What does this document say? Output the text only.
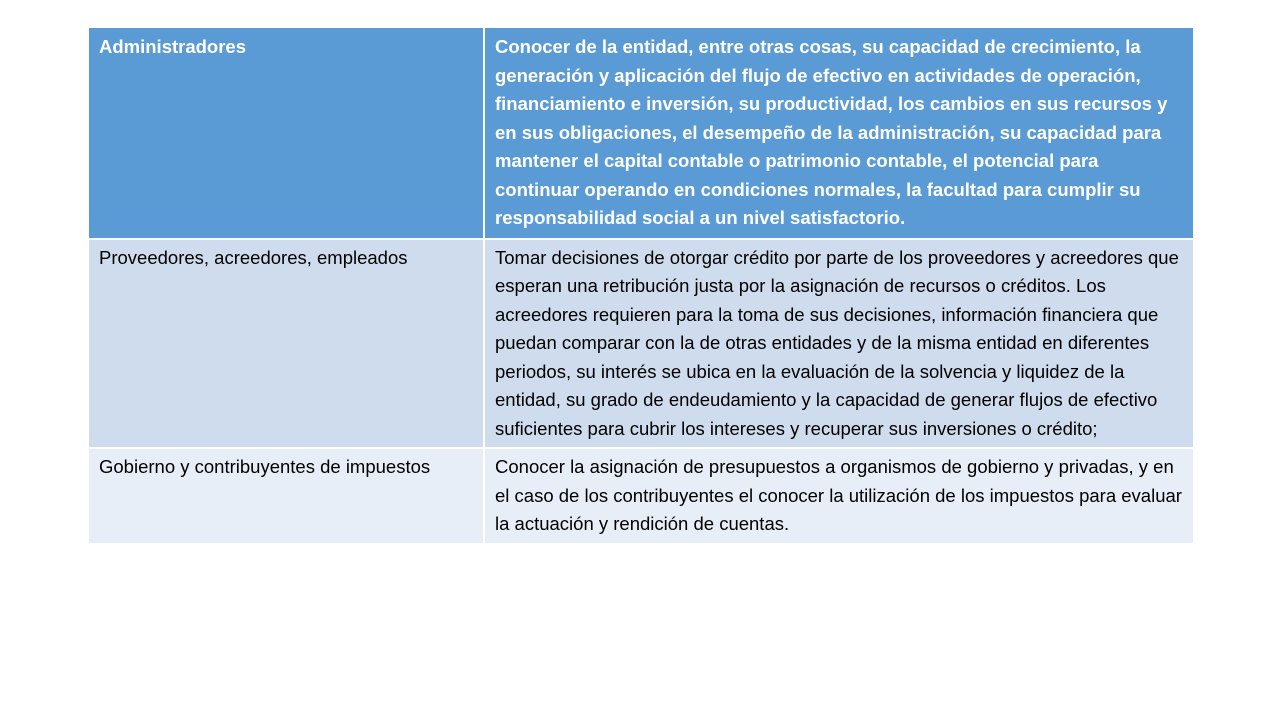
Administradores	Conocer de la entidad, entre otras cosas, su capacidad de crecimiento, la generación y aplicación del flujo de efectivo en actividades de operación, financiamiento e inversión, su productividad, los cambios en sus recursos y en sus obligaciones, el desempeño de la administración, su capacidad para mantener el capital contable o patrimonio contable, el potencial para continuar operando en condiciones normales, la facultad para cumplir su responsabilidad social a un nivel satisfactorio.
Proveedores, acreedores, empleados	Tomar decisiones de otorgar crédito por parte de los proveedores y acreedores que esperan una retribución justa por la asignación de recursos o créditos. Los acreedores requieren para la toma de sus decisiones, información financiera que puedan comparar con la de otras entidades y de la misma entidad en diferentes periodos, su interés se ubica en la evaluación de la solvencia y liquidez de la entidad, su grado de endeudamiento y la capacidad de generar flujos de efectivo suficientes para cubrir los intereses y recuperar sus inversiones o crédito;
Gobierno y contribuyentes de impuestos	Conocer la asignación de presupuestos a organismos de gobierno y privadas, y en el caso de los contribuyentes el conocer la utilización de los impuestos para evaluar la actuación y rendición de cuentas.
